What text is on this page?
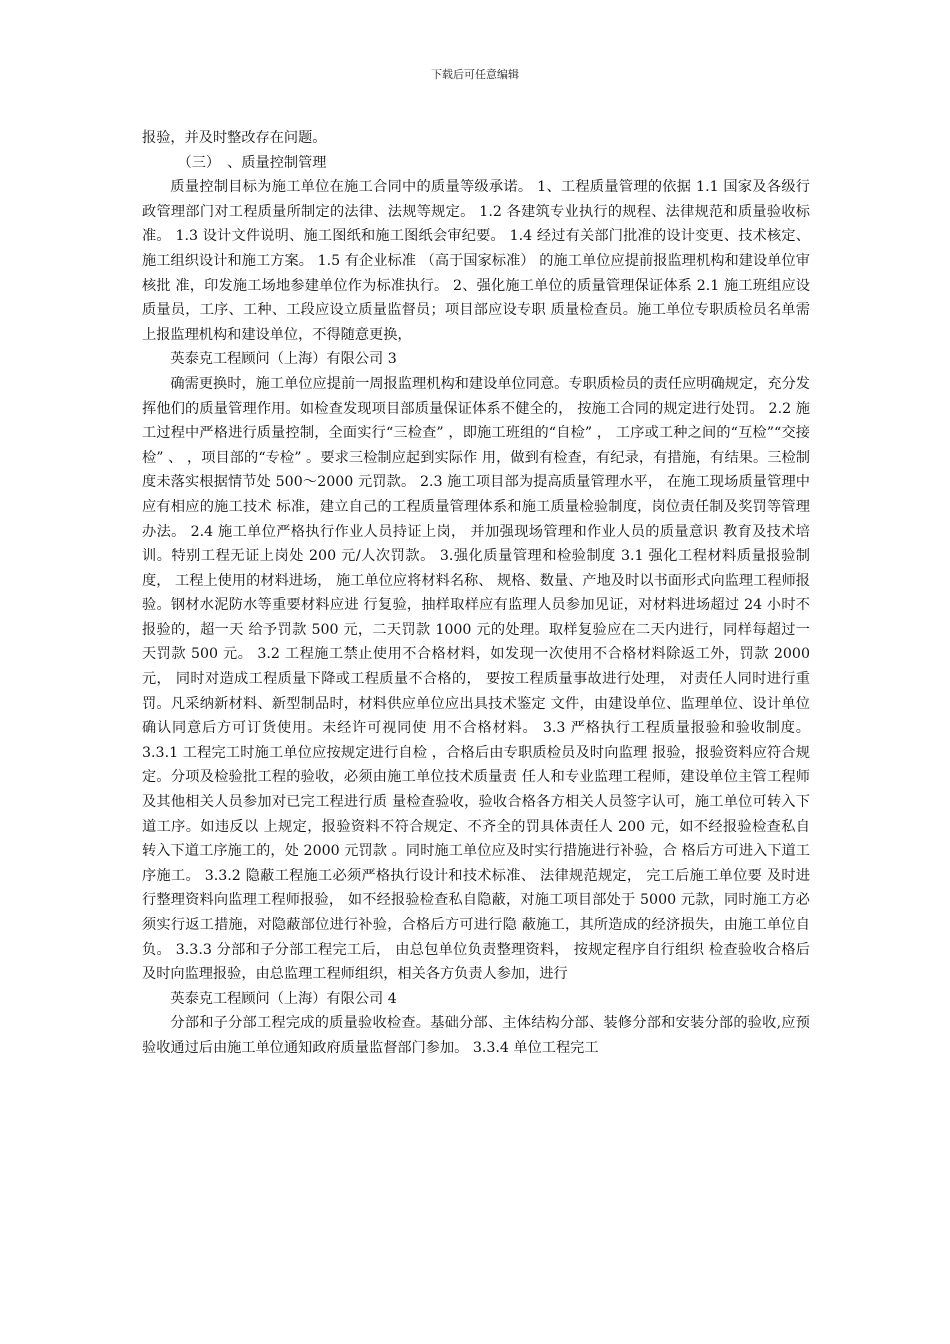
下载后可任意编辑

报验，并及时整改存在问题。

（三）　、质量控制管理

质量控制目标为施工单位在施工合同中的质量等级承诺。 1、工程质量管理的依据 1.1 国家及各级行政管理部门对工程质量所制定的法律、法规等规定。 1.2 各建筑专业执行的规程、法律规范和质量验收标准。 1.3 设计文件说明、施工图纸和施工图纸会审纪要。 1.4 经过有关部门批准的设计变更、技术核定、施工组织设计和施工方案。 1.5 有企业标准 （高于国家标准） 的施工单位应提前报监理机构和建设单位审核批 准，印发施工场地参建单位作为标准执行。 2、强化施工单位的质量管理保证体系 2.1 施工班组应设质量员，工序、工种、工段应设立质量监督员；项目部应设专职 质量检查员。施工单位专职质检员名单需上报监理机构和建设单位，不得随意更换，

英泰克工程顾问（上海）有限公司 3

确需更换时，施工单位应提前一周报监理机构和建设单位同意。专职质检员的责任应明确规定，充分发挥他们的质量管理作用。如检查发现项目部质量保证体系不健全的， 按施工合同的规定进行处罚。 2.2 施工过程中严格进行质量控制，全面实行“三检查” ，即施工班组的“自检” ， 工序或工种之间的“互检”“交接检” 、 ，项目部的“专检” 。要求三检制应起到实际作 用，做到有检查，有纪录，有措施，有结果。三检制度未落实根据情节处 500～2000 元罚款。 2.3 施工项目部为提高质量管理水平， 在施工现场质量管理中应有相应的施工技术 标准，建立自己的工程质量管理体系和施工质量检验制度，岗位责任制及奖罚等管理 办法。 2.4 施工单位严格执行作业人员持证上岗， 并加强现场管理和作业人员的质量意识 教育及技术培训。特别工程无证上岗处 200 元/人次罚款。 3.强化质量管理和检验制度 3.1 强化工程材料质量报验制度， 工程上使用的材料进场， 施工单位应将材料名称、 规格、数量、产地及时以书面形式向监理工程师报验。钢材水泥防水等重要材料应进 行复验，抽样取样应有监理人员参加见证，对材料进场超过 24 小时不报验的，超一天 给予罚款 500 元，二天罚款 1000 元的处理。取样复验应在二天内进行，同样每超过一 天罚款 500 元。 3.2 工程施工禁止使用不合格材料，如发现一次使用不合格材料除返工外，罚款 2000 元， 同时对造成工程质量下降或工程质量不合格的， 要按工程质量事故进行处理， 对责任人同时进行重罚。凡采纳新材料、新型制品时，材料供应单位应出具技术鉴定 文件，由建设单位、监理单位、设计单位确认同意后方可订货使用。未经许可视同使 用不合格材料。 3.3 严格执行工程质量报验和验收制度。 3.3.1 工程完工时施工单位应按规定进行自检 ，合格后由专职质检员及时向监理 报验，报验资料应符合规定。分项及检验批工程的验收，必须由施工单位技术质量责 任人和专业监理工程师，建设单位主管工程师及其他相关人员参加对已完工程进行质 量检查验收，验收合格各方相关人员签字认可，施工单位可转入下道工序。如违反以 上规定，报验资料不符合规定、不齐全的罚具体责任人 200 元，如不经报验检查私自 转入下道工序施工的，处 2000 元罚款 。同时施工单位应及时实行措施进行补验，合 格后方可进入下道工序施工。 3.3.2 隐蔽工程施工必须严格执行设计和技术标准、 法律规范规定， 完工后施工单位要 及时进行整理资料向监理工程师报验， 如不经报验检查私自隐蔽，对施工项目部处于 5000 元款，同时施工方必须实行返工措施，对隐蔽部位进行补验，合格后方可进行隐 蔽施工，其所造成的经济损失，由施工单位自负。 3.3.3 分部和子分部工程完工后， 由总包单位负责整理资料， 按规定程序自行组织 检查验收合格后及时向监理报验，由总监理工程师组织，相关各方负责人参加，进行

英泰克工程顾问（上海）有限公司 4

分部和子分部工程完成的质量验收检查。基础分部、主体结构分部、装修分部和安装分部的验收,应预验收通过后由施工单位通知政府质量监督部门参加。 3.3.4 单位工程完工
